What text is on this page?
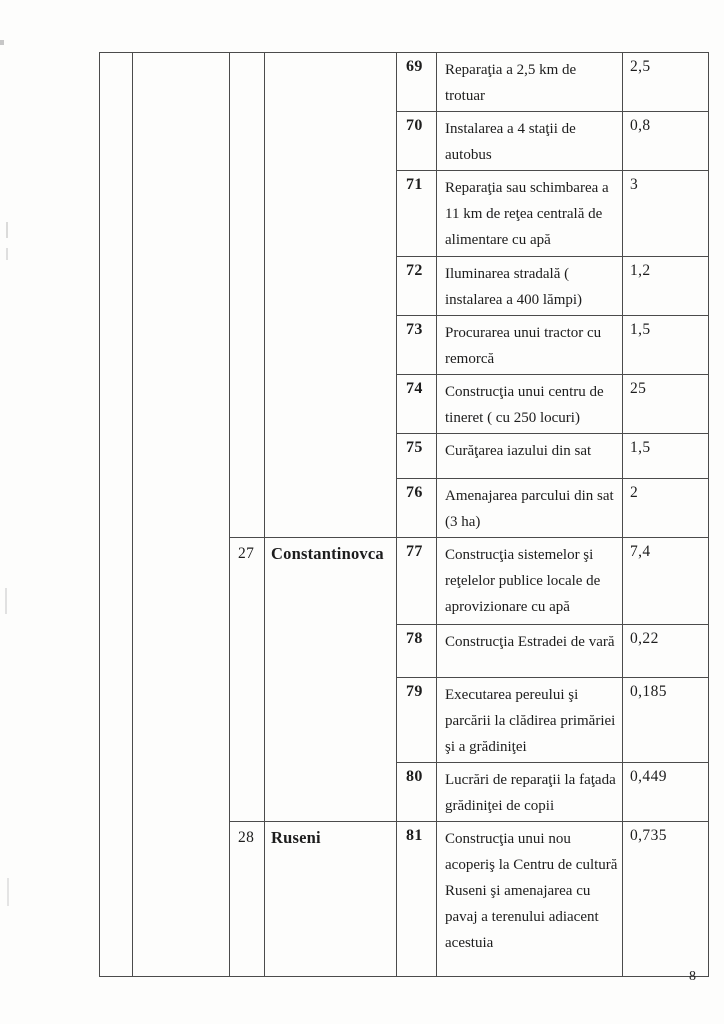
				69	Reparaţia a 2,5 km de trotuar	2,5
				70	Instalarea a 4 staţii de autobus	0,8
				71	Reparaţia sau schimbarea a 11 km de reţea centrală de alimentare cu apă	3
				72	Iluminarea stradală ( instalarea a 400 lămpi)	1,2
				73	Procurarea unui tractor cu remorcă	1,5
				74	Construcţia unui centru de tineret ( cu 250 locuri)	25
				75	Curăţarea iazului din sat	1,5
				76	Amenajarea parcului din sat (3 ha)	2
		27	Constantinovca	77	Construcţia sistemelor şi reţelelor publice locale de aprovizionare cu apă	7,4
				78	Construcţia Estradei de vară	0,22
				79	Executarea pereului şi parcării la clădirea primăriei şi a grădiniţei	0,185
				80	Lucrări de reparaţii la faţada grădiniţei de copii	0,449
		28	Ruseni	81	Construcţia unui nou acoperiş la Centru de cultură Ruseni şi amenajarea cu pavaj a terenului adiacent acestuia	0,735
8
